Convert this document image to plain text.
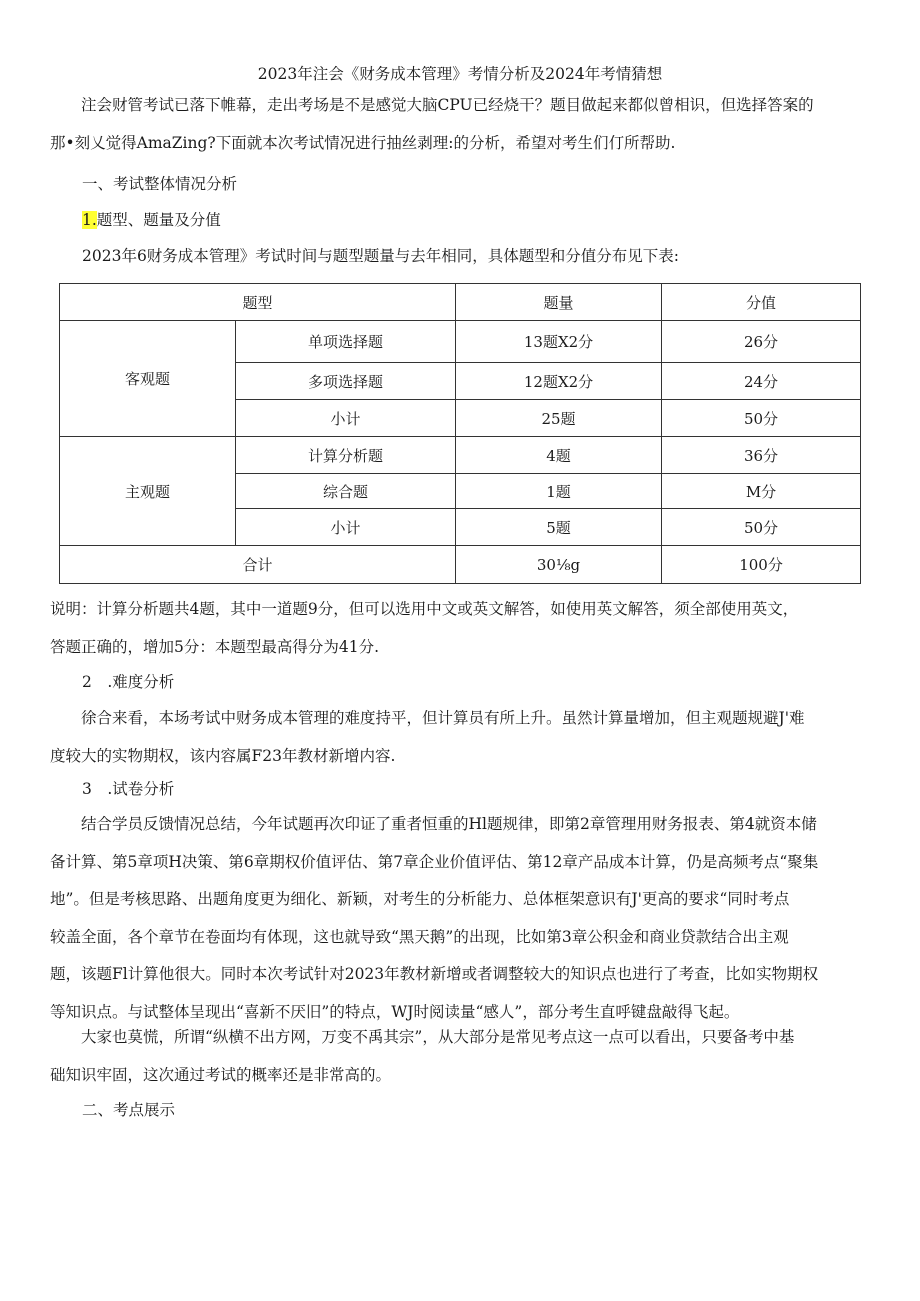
2023年注会《财务成本管理》考情分析及2024年考情猜想
注会财管考试已落下帷幕，走出考场是不是感觉大脑CPU已经烧干？题目做起来都似曾相识，但选择答案的
那•刻乂觉得AmaZing?下面就本次考试情况进行抽丝剥理:的分析，希望对考生们仃所帮助.
一、考试整体情况分析
1.题型、题量及分值
2023年6财务成本管理》考试时间与题型题量与去年相同，具体题型和分值分布见下表:
题型		题量	分值
客观题	单项选择题	13题X2分	26分
	多项选择题	12题X2分	24分
	小计	25题	50分
主观题	计算分析题	4题	36分
	综合题	1题	M分
	小计	5题	50分
合计		30⅛g	100分
说明：计算分析题共4题，其中一道题9分，但可以选用中文或英文解答，如使用英文解答，须全部使用英文，
答题正确的，增加5分：本题型最高得分为41分.
2　.难度分析
徐合来看，本场考试中财务成本管理的难度持平，但计算员有所上升。虽然计算量增加，但主观题规避J'难
度较大的实物期权，该内容属F23年教材新增内容.
3　.试卷分析
结合学员反馈情况总结，今年试题再次印证了重者恒重的Hl题规律，即第2章管理用财务报表、第4就资本储
备计算、第5章项H决策、第6章期权价值评估、第7章企业价值评估、第12章产品成本计算，仍是高频考点“聚集
地”。但是考核思路、出题角度更为细化、新颖，对考生的分析能力、总体框架意识有J'更高的要求“同时考点
较盖全面，各个章节在卷面均有体现，这也就导致“黑天鹅”的出现，比如第3章公积金和商业贷款结合出主观
题，该题Fl计算他很大。同时本次考试针对2023年教材新增或者调整较大的知识点也进行了考查，比如实物期权
等知识点。与试整体呈现出“喜新不厌旧”的特点，WJ时阅读量“感人”，部分考生直呼键盘敲得飞起。
大家也莫慌，所谓“纵横不出方网，万变不禹其宗”，从大部分是常见考点这一点可以看出，只要备考中基
础知识牢固，这次通过考试的概率还是非常高的。
二、考点展示
